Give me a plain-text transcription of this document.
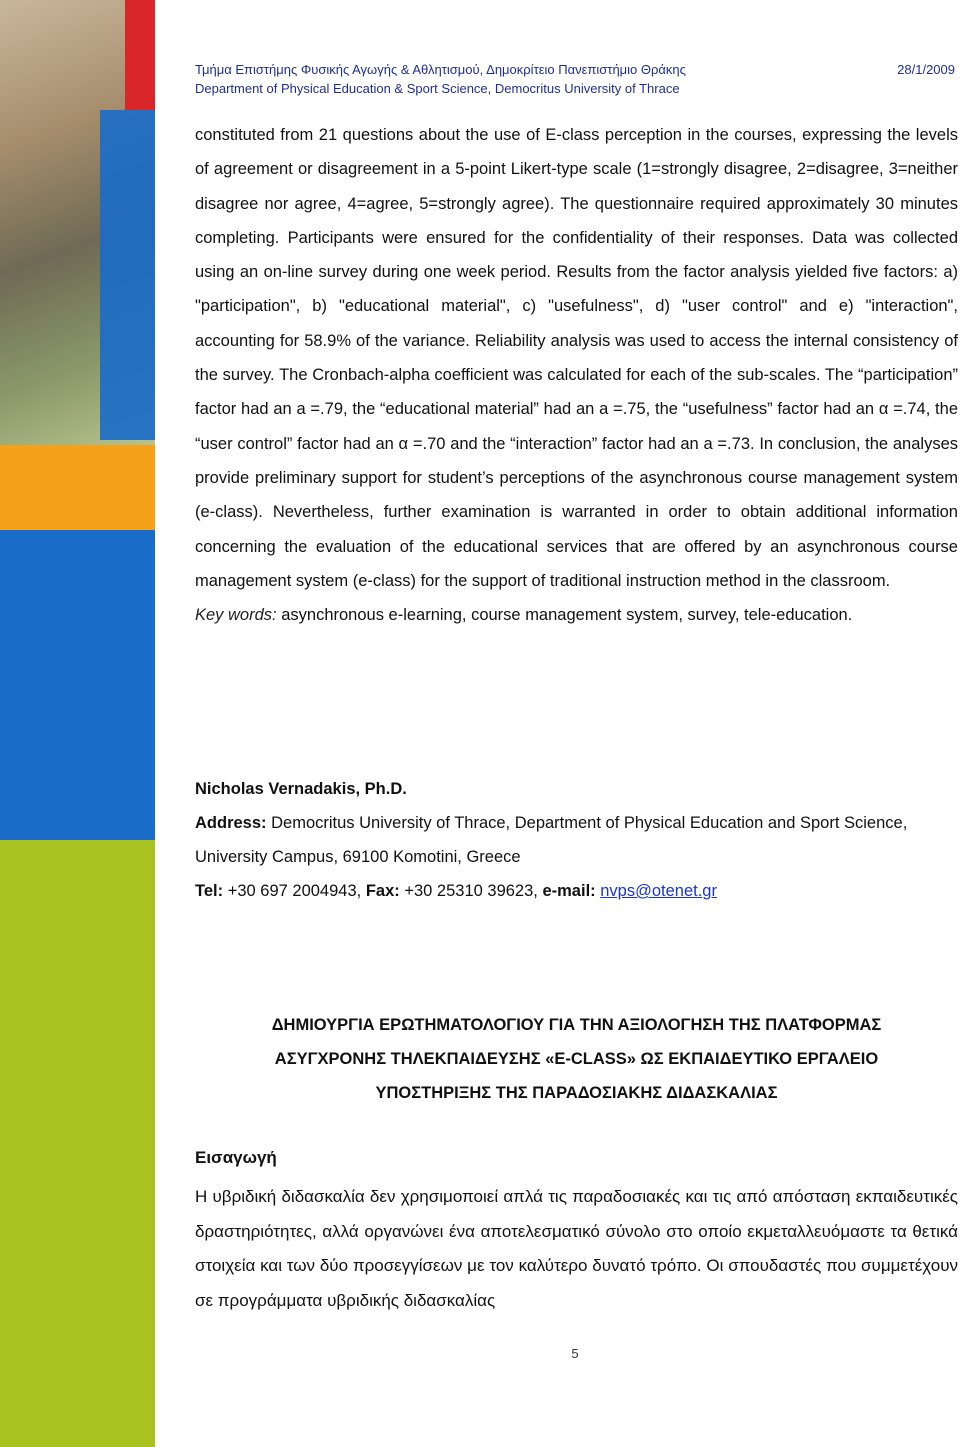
Τμήμα Επιστήμης Φυσικής Αγωγής & Αθλητισμού, Δημοκρίτειο Πανεπιστήμιο Θράκης
Department of Physical Education & Sport Science, Democritus University of Thrace
28/1/2009
constituted from 21 questions about the use of E-class perception in the courses, expressing the levels of agreement or disagreement in a 5-point Likert-type scale (1=strongly disagree, 2=disagree, 3=neither disagree nor agree, 4=agree, 5=strongly agree). The questionnaire required approximately 30 minutes completing. Participants were ensured for the confidentiality of their responses. Data was collected using an on-line survey during one week period. Results from the factor analysis yielded five factors: a) "participation", b) "educational material", c) "usefulness", d) "user control" and e) "interaction", accounting for 58.9% of the variance. Reliability analysis was used to access the internal consistency of the survey. The Cronbach-alpha coefficient was calculated for each of the sub-scales. The “participation” factor had an a =.79, the “educational material” had an a =.75, the “usefulness” factor had an α =.74, the “user control” factor had an α =.70 and the “interaction” factor had an a =.73. In conclusion, the analyses provide preliminary support for student’s perceptions of the asynchronous course management system (e-class). Nevertheless, further examination is warranted in order to obtain additional information concerning the evaluation of the educational services that are offered by an asynchronous course management system (e-class) for the support of traditional instruction method in the classroom.
Key words: asynchronous e-learning, course management system, survey, tele-education.
Nicholas Vernadakis, Ph.D.
Address: Democritus University of Thrace, Department of Physical Education and Sport Science, University Campus, 69100 Komotini, Greece
Tel: +30 697 2004943, Fax: +30 25310 39623, e-mail: nvps@otenet.gr
ΔΗΜΙΟΥΡΓΙΑ ΕΡΩΤΗΜΑΤΟΛΟΓΙΟΥ ΓΙΑ ΤΗΝ ΑΞΙΟΛΟΓΗΣΗ ΤΗΣ ΠΛΑΤΦΟΡΜΑΣ
ΑΣΥΓΧΡΟΝΗΣ ΤΗΛΕΚΠΑΙΔΕΥΣΗΣ «E-CLASS» ΩΣ ΕΚΠΑΙΔΕΥΤΙΚΟ ΕΡΓΑΛΕΙΟ
ΥΠΟΣΤΗΡΙΞΗΣ ΤΗΣ ΠΑΡΑΔΟΣΙΑΚΗΣ ΔΙΔΑΣΚΑΛΙΑΣ
Εισαγωγή
Η υβριδική διδασκαλία δεν χρησιμοποιεί απλά τις παραδοσιακές και τις από απόσταση εκπαιδευτικές δραστηριότητες, αλλά οργανώνει ένα αποτελεσματικό σύνολο στο οποίο εκμεταλλευόμαστε τα θετικά στοιχεία και των δύο προσεγγίσεων με τον καλύτερο δυνατό τρόπο. Οι σπουδαστές που συμμετέχουν σε προγράμματα υβριδικής διδασκαλίας
5
